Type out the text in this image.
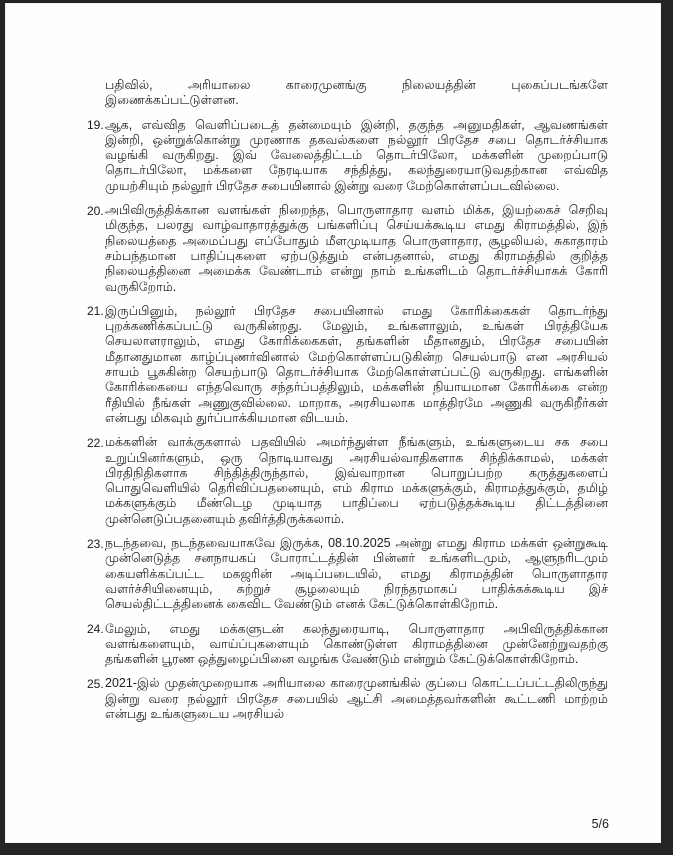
பதிவில், அரியாலை காரைமுனங்கு நிலையத்தின் புகைப்படங்களே இணைக்கப்பட்டுள்ளன.

19. ஆக, எவ்வித வெளிப்படைத் தன்மையும் இன்றி, தகுந்த அனுமதிகள், ஆவணங்கள் இன்றி, ஒன்றுக்கொன்று முரணாக தகவல்களை நல்லூர் பிரதேச சபை தொடர்ச்சியாக வழங்கி வருகிறது. இவ் வேலைத்திட்டம் தொடர்பிலோ, மக்களின் முறைப்பாடு தொடர்பிலோ, மக்களை நேரடியாக சந்தித்து, கலந்துரையாடுவதற்கான எவ்வித முயற்சியும் நல்லூர் பிரதேச சபையினால் இன்று வரை மேற்கொள்ளப்படவில்லை.

20. அபிவிருத்திக்கான வளங்கள் நிறைந்த, பொருளாதார வளம் மிக்க, இயற்கைச் செறிவு மிகுந்த, பலரது வாழ்வாதாரத்துக்கு பங்களிப்பு செய்யக்கூடிய எமது கிராமத்தில், இந் நிலையத்தை அமைப்பது எப்போதும் மீளமுடியாத பொருளாதார, சூழலியல், சுகாதாரம் சம்பந்தமான பாதிப்புகளை ஏற்படுத்தும் என்பதனால், எமது கிராமத்தில் குறித்த நிலையத்தினை அமைக்க வேண்டாம் என்று நாம் உங்களிடம் தொடர்ச்சியாகக் கோரி வருகிறோம்.

21. இருப்பினும், நல்லூர் பிரதேச சபையினால் எமது கோரிக்கைகள் தொடர்ந்து புறக்கணிக்கப்பட்டு வருகின்றது. மேலும், உங்களாலும், உங்கள் பிரத்தியேக செயலாளராலும், எமது கோரிக்கைகள், தங்களின் மீதானதும், பிரதேச சபையின் மீதானதுமான காழ்ப்புணர்வினால் மேற்கொள்ளப்படுகின்ற செயல்பாடு என அரசியல் சாயம் பூசுகின்ற செயற்பாடு தொடர்ச்சியாக மேற்கொள்ளப்பட்டு வருகிறது. எங்களின் கோரிக்கையை எந்தவொரு சந்தர்ப்பத்திலும், மக்களின் நியாயமான கோரிக்கை என்ற ரீதியில் நீங்கள் அணுகுவில்லை. மாறாக, அரசியலாக மாத்திரமே அணுகி வருகிறீர்கள் என்பது மிகவும் துர்ப்பாக்கியமான விடயம்.

22. மக்களின் வாக்குகளால் பதவியில் அமர்ந்துள்ள நீங்களும், உங்களுடைய சக சபை உறுப்பினர்களும், ஒரு நொடியாவது அரசியல்வாதிகளாக சிந்திக்காமல், மக்கள் பிரதிநிதிகளாக சிந்தித்திருந்தால், இவ்வாறான பொறுப்பற்ற கருத்துகளைப் பொதுவெளியில் தெரிவிப்பதனையும், எம் கிராம மக்களுக்கும், கிராமத்துக்கும், தமிழ் மக்களுக்கும் மீண்டெழ முடியாத பாதிப்பை ஏற்படுத்தக்கூடிய திட்டத்தினை முன்னெடுப்பதனையும் தவிர்த்திருக்கலாம்.

23. நடந்தவை, நடந்தவையாகவே இருக்க, 08.10.2025 அன்று எமது கிராம மக்கள் ஒன்றுகூடி முன்னெடுத்த சனநாயகப் போராட்டத்தின் பின்னர் உங்களிடமும், ஆளுநரிடமும் கையளிக்கப்பட்ட மகஜரின் அடிப்படையில், எமது கிராமத்தின் பொருளாதார வளர்ச்சியினையும், சுற்றுச் சூழலையும் நிரந்தரமாகப் பாதிக்கக்கூடிய இச் செயல்திட்டத்தினைக் கைவிட வேண்டும் எனக் கேட்டுக்கொள்கிறோம்.

24. மேலும், எமது மக்களுடன் கலந்துரையாடி, பொருளாதார அபிவிருத்திக்கான வளங்களையும், வாய்ப்புகளையும் கொண்டுள்ள கிராமத்தினை முன்னேற்றுவதற்கு தங்களின் பூரண ஒத்துழைப்பினை வழங்க வேண்டும் என்றும் கேட்டுக்கொள்கிறோம்.

25. 2021-இல் முதன்முறையாக அரியாலை காரைமுனங்கில் குப்பை கொட்டப்பட்டதிலிருந்து இன்று வரை நல்லூர் பிரதேச சபையில் ஆட்சி அமைத்தவர்களின் கூட்டணி மாற்றம் என்பது உங்களுடைய அரசியல்

5/6
